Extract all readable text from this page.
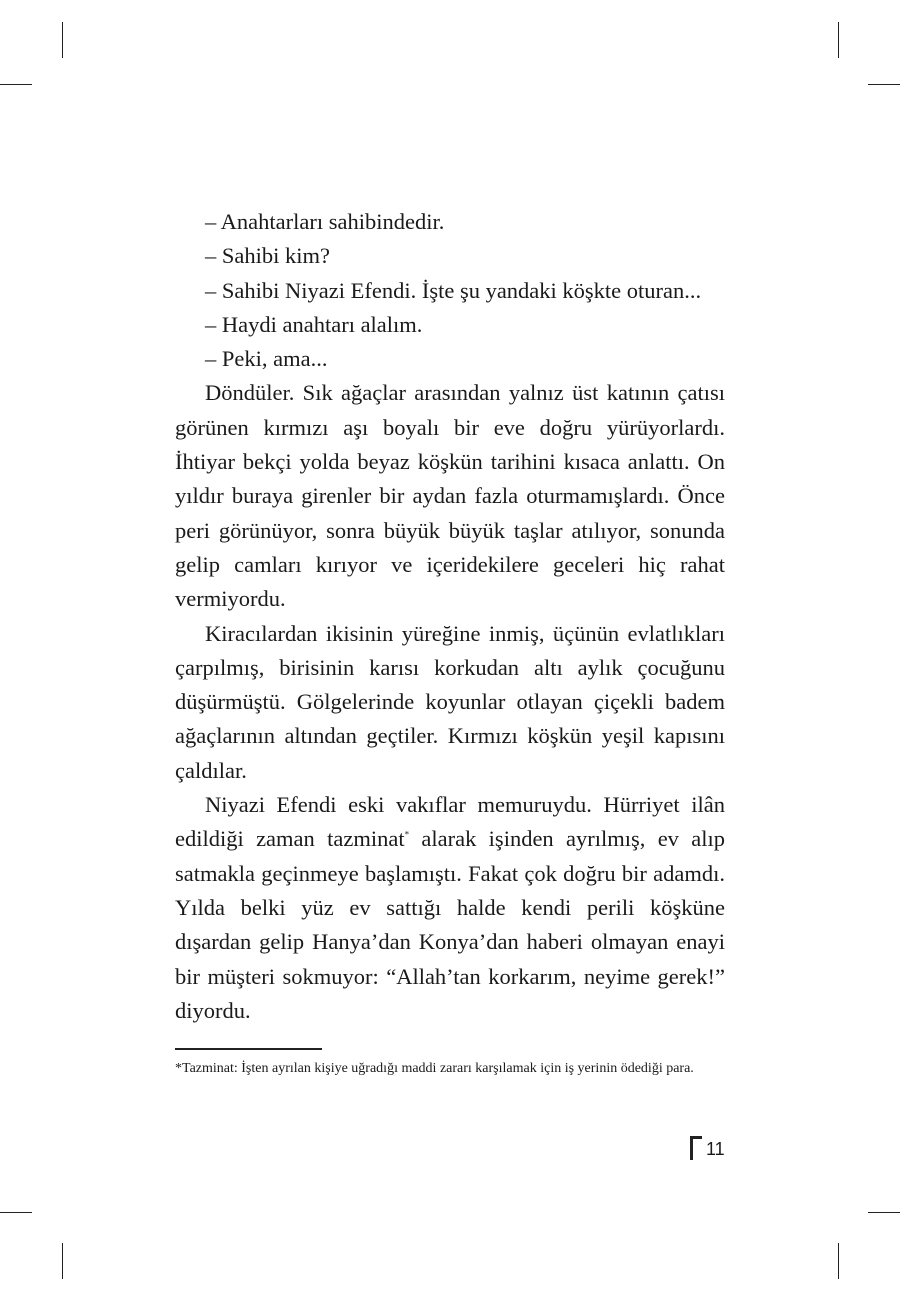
– Anahtarları sahibindedir.

– Sahibi kim?

– Sahibi Niyazi Efendi. İşte şu yandaki köşkte oturan...

– Haydi anahtarı alalım.

– Peki, ama...

Döndüler. Sık ağaçlar arasından yalnız üst katının çatısı görünen kırmızı aşı boyalı bir eve doğru yürüyorlardı. İhtiyar bekçi yolda beyaz köşkün tarihini kısaca anlattı. On yıldır buraya girenler bir aydan fazla oturmamışlardı. Önce peri görünüyor, sonra büyük büyük taşlar atılıyor, sonunda gelip camları kırıyor ve içeridekilere geceleri hiç rahat vermiyordu.

Kiracılardan ikisinin yüreğine inmiş, üçünün evlatlıkları çarpılmış, birisinin karısı korkudan altı aylık çocuğunu düşürmüştü. Gölgelerinde koyunlar otlayan çiçekli badem ağaçlarının altından geçtiler. Kırmızı köşkün yeşil kapısını çaldılar.

Niyazi Efendi eski vakıflar memuruydu. Hürriyet ilân edildiği zaman tazminat* alarak işinden ayrılmış, ev alıp satmakla geçinmeye başlamıştı. Fakat çok doğru bir adamdı. Yılda belki yüz ev sattığı halde kendi perili köşküne dışardan gelip Hanya’dan Konya’dan haberi olmayan enayi bir müşteri sokmuyor: “Allah’tan korkarım, neyime gerek!” diyordu.

*Tazminat: İşten ayrılan kişiye uğradığı maddi zararı karşılamak için iş yerinin ödediği para.
11
